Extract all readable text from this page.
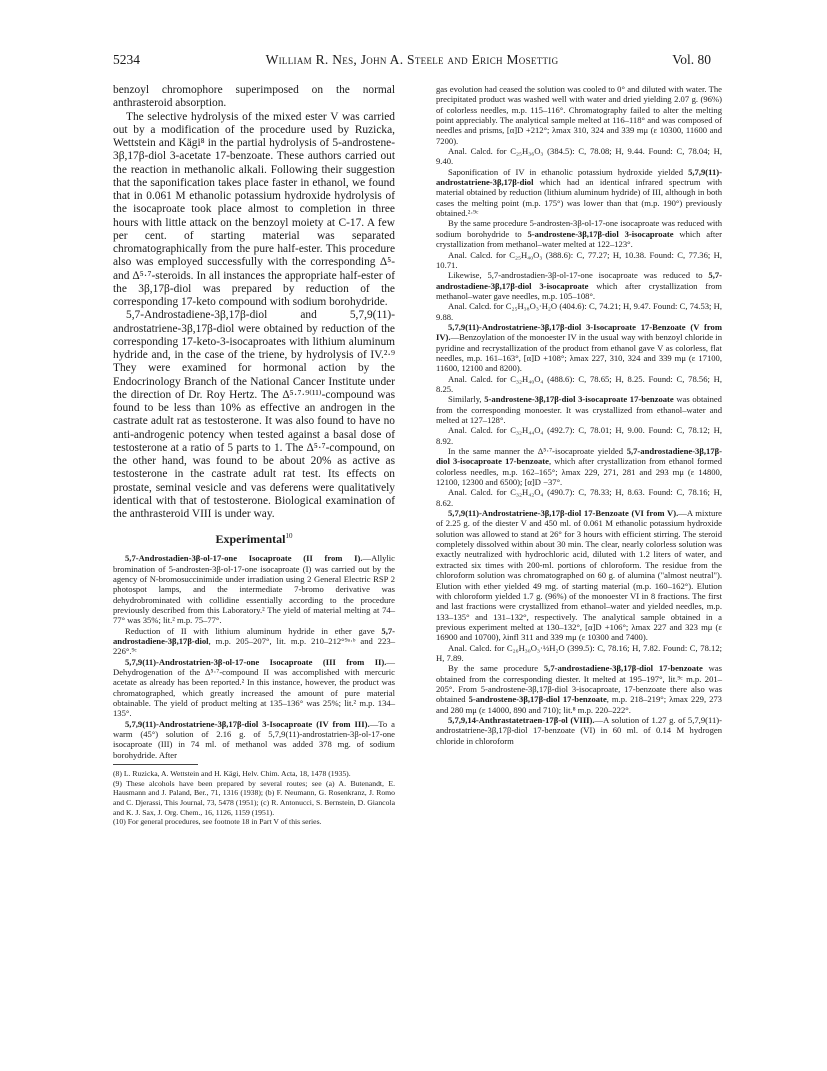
5234	William R. Nes, John A. Steele and Erich Mosettig	Vol. 80

benzoyl chromophore superimposed on the normal anthrasteroid absorption.

The selective hydrolysis of the mixed ester V was carried out by a modification of the procedure used by Ruzicka, Wettstein and Kägi⁸ in the partial hydrolysis of 5-androstene-3β,17β-diol 3-acetate 17-benzoate. These authors carried out the reaction in methanolic alkali. Following their suggestion that the saponification takes place faster in ethanol, we found that in 0.061 M ethanolic potassium hydroxide hydrolysis of the isocaproate took place almost to completion in three hours with little attack on the benzoyl moiety at C-17. A few per cent. of starting material was separated chromatographically from the pure half-ester. This procedure also was employed successfully with the corresponding Δ⁵- and Δ⁵·⁷-steroids. In all instances the appropriate half-ester of the 3β,17β-diol was prepared by reduction of the corresponding 17-keto compound with sodium borohydride.

5,7-Androstadiene-3β,17β-diol and 5,7,9(11)-androstatriene-3β,17β-diol were obtained by reduction of the corresponding 17-keto-3-isocaproates with lithium aluminum hydride and, in the case of the triene, by hydrolysis of IV.²·⁹ They were examined for hormonal action by the Endocrinology Branch of the National Cancer Institute under the direction of Dr. Roy Hertz. The Δ⁵·⁷·⁹⁽¹¹⁾-compound was found to be less than 10% as effective an androgen in the castrate adult rat as testosterone. It was also found to have no anti-androgenic potency when tested against a basal dose of testosterone at a ratio of 5 parts to 1. The Δ⁵·⁷-compound, on the other hand, was found to be about 20% as active as testosterone in the castrate adult rat test. Its effects on prostate, seminal vesicle and vas deferens were qualitatively identical with that of testosterone. Biological examination of the anthrasteroid VIII is under way.

Experimental$^{10}$

5,7-Androstadien-3β-ol-17-one Isocaproate (II from I).—Allylic bromination of 5-androsten-3β-ol-17-one isocaproate (I) was carried out by the agency of N-bromosuccinimide under irradiation using 2 General Electric RSP 2 photospot lamps, and the intermediate 7-bromo derivative was dehydrobrominated with collidine essentially according to the procedure previously described from this Laboratory.² The yield of material melting at 74–77° was 35%; lit.² m.p. 75–77°.

Reduction of II with lithium aluminum hydride in ether gave 5,7-androstadiene-3β,17β-diol, m.p. 205–207°, lit. m.p. 210–212°⁹ᵃ·ᵇ and 223–226°.⁹ᶜ

5,7,9(11)-Androstatrien-3β-ol-17-one Isocaproate (III from II).—Dehydrogenation of the Δ⁵·⁷-compound II was accomplished with mercuric acetate as already has been reported.² In this instance, however, the product was chromatographed, which greatly increased the amount of pure material obtainable. The yield of product melting at 135–136° was 25%; lit.² m.p. 134–135°.

5,7,9(11)-Androstatriene-3β,17β-diol 3-Isocaproate (IV from III).—To a warm (45°) solution of 2.16 g. of 5,7,9(11)-androstatrien-3β-ol-17-one isocaproate (III) in 74 ml. of methanol was added 378 mg. of sodium borohydride. After

(8) L. Ruzicka, A. Wettstein and H. Kägi, Helv. Chim. Acta, 18, 1478 (1935).

(9) These alcohols have been prepared by several routes; see (a) A. Butenandt, E. Hausmann and J. Paland, Ber., 71, 1316 (1938); (b) F. Neumann, G. Rosenkranz, J. Romo and C. Djerassi, This Journal, 73, 5478 (1951); (c) R. Antonucci, S. Bernstein, D. Giancola and K. J. Sax, J. Org. Chem., 16, 1126, 1159 (1951).

(10) For general procedures, see footnote 18 in Part V of this series.

gas evolution had ceased the solution was cooled to 0° and diluted with water. The precipitated product was washed well with water and dried yielding 2.07 g. (96%) of colorless needles, m.p. 115–116°. Chromatography failed to alter the melting point appreciably. The analytical sample melted at 116–118° and was composed of needles and prisms, [α]D +212°; λmax 310, 324 and 339 mμ (ε 10300, 11600 and 7200).

Anal. Calcd. for C₂₅H₃₆O₃ (384.5): C, 78.08; H, 9.44. Found: C, 78.04; H, 9.40.

Saponification of IV in ethanolic potassium hydroxide yielded 5,7,9(11)-androstatriene-3β,17β-diol which had an identical infrared spectrum with material obtained by reduction (lithium aluminum hydride) of III, although in both cases the melting point (m.p. 175°) was lower than that (m.p. 190°) previously obtained.²·⁹ᶜ

By the same procedure 5-androsten-3β-ol-17-one isocaproate was reduced with sodium borohydride to 5-androstene-3β,17β-diol 3-isocaproate which after crystallization from methanol–water melted at 122–123°.

Anal. Calcd. for C₂₅H₄₀O₃ (388.6): C, 77.27; H, 10.38. Found: C, 77.36; H, 10.71.

Likewise, 5,7-androstadien-3β-ol-17-one isocaproate was reduced to 5,7-androstadiene-3β,17β-diol 3-isocaproate which after crystallization from methanol–water gave needles, m.p. 105–108°.

Anal. Calcd. for C₂₅H₃₈O₃·H₂O (404.6): C, 74.21; H, 9.47. Found: C, 74.53; H, 9.88.

5,7,9(11)-Androstatriene-3β,17β-diol 3-Isocaproate 17-Benzoate (V from IV).—Benzoylation of the monoester IV in the usual way with benzoyl chloride in pyridine and recrystallization of the product from ethanol gave V as colorless, flat needles, m.p. 161–163°, [α]D +108°; λmax 227, 310, 324 and 339 mμ (ε 17100, 11600, 12100 and 8200).

Anal. Calcd. for C₃₂H₄₀O₄ (488.6): C, 78.65; H, 8.25. Found: C, 78.56; H, 8.25.

Similarly, 5-androstene-3β,17β-diol 3-isocaproate 17-benzoate was obtained from the corresponding monoester. It was crystallized from ethanol–water and melted at 127–128°.

Anal. Calcd. for C₃₂H₄₄O₄ (492.7): C, 78.01; H, 9.00. Found: C, 78.12; H, 8.92.

In the same manner the Δ⁵·⁷-isocaproate yielded 5,7-androstadiene-3β,17β-diol 3-isocaproate 17-benzoate, which after crystallization from ethanol formed colorless needles, m.p. 162–165°; λmax 229, 271, 281 and 293 mμ (ε 14800, 12100, 12300 and 6500); [α]D −37°.

Anal. Calcd. for C₃₂H₄₂O₄ (490.7): C, 78.33; H, 8.63. Found: C, 78.16; H, 8.62.

5,7,9(11)-Androstatriene-3β,17β-diol 17-Benzoate (VI from V).—A mixture of 2.25 g. of the diester V and 450 ml. of 0.061 M ethanolic potassium hydroxide solution was allowed to stand at 26° for 3 hours with efficient stirring. The steroid completely dissolved within about 30 min. The clear, nearly colorless solution was exactly neutralized with hydrochloric acid, diluted with 1.2 liters of water, and extracted six times with 200-ml. portions of chloroform. The residue from the chloroform solution was chromatographed on 60 g. of alumina ("almost neutral"). Elution with ether yielded 49 mg. of starting material (m.p. 160–162°). Elution with chloroform yielded 1.7 g. (96%) of the monoester VI in 8 fractions. The first and last fractions were crystallized from ethanol–water and yielded needles, m.p. 133–135° and 131–132°, respectively. The analytical sample obtained in a previous experiment melted at 130–132°, [α]D +106°; λmax 227 and 323 mμ (ε 16900 and 10700), λinfl 311 and 339 mμ (ε 10300 and 7400).

Anal. Calcd. for C₂₆H₃₀O₃·½H₂O (399.5): C, 78.16; H, 7.82. Found: C, 78.12; H, 7.89.

By the same procedure 5,7-androstadiene-3β,17β-diol 17-benzoate was obtained from the corresponding diester. It melted at 195–197°, lit.⁹ᶜ m.p. 201–205°. From 5-androstene-3β,17β-diol 3-isocaproate, 17-benzoate there also was obtained 5-androstene-3β,17β-diol 17-benzoate, m.p. 218–219°; λmax 229, 273 and 280 mμ (ε 14000, 890 and 710); lit.⁸ m.p. 220–222°.

5,7,9,14-Anthrastatetraen-17β-ol (VIII).—A solution of 1.27 g. of 5,7,9(11)-androstatriene-3β,17β-diol 17-benzoate (VI) in 60 ml. of 0.14 M hydrogen chloride in chloroform
